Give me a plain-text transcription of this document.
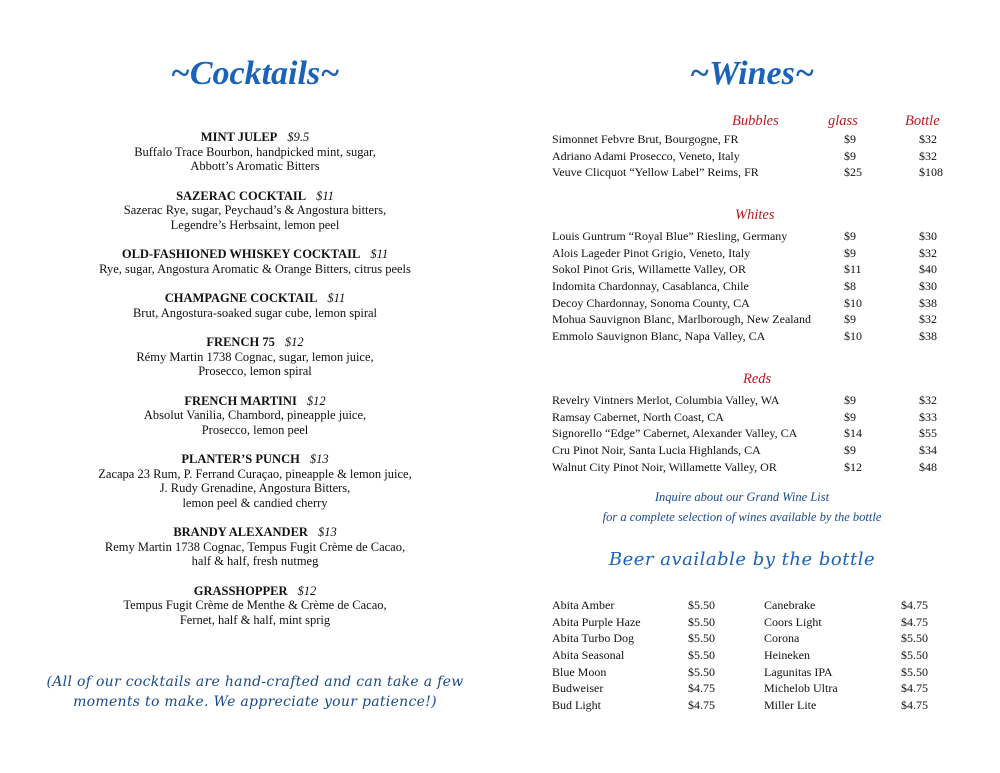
~Cocktails~
MINT JULEP $9.5
Buffalo Trace Bourbon, handpicked mint, sugar,
Abbott’s Aromatic Bitters
SAZERAC COCKTAIL $11
Sazerac Rye, sugar, Peychaud’s & Angostura bitters,
Legendre’s Herbsaint, lemon peel
OLD-FASHIONED WHISKEY COCKTAIL $11
Rye, sugar, Angostura Aromatic & Orange Bitters, citrus peels
CHAMPAGNE COCKTAIL $11
Brut, Angostura-soaked sugar cube, lemon spiral
FRENCH 75 $12
Rémy Martin 1738 Cognac, sugar, lemon juice,
Prosecco, lemon spiral
FRENCH MARTINI $12
Absolut Vanilia, Chambord, pineapple juice,
Prosecco, lemon peel
PLANTER’S PUNCH $13
Zacapa 23 Rum, P. Ferrand Curaçao, pineapple & lemon juice,
J. Rudy Grenadine, Angostura Bitters,
lemon peel & candied cherry
BRANDY ALEXANDER $13
Remy Martin 1738 Cognac, Tempus Fugit Crème de Cacao,
half & half, fresh nutmeg
GRASSHOPPER $12
Tempus Fugit Crème de Menthe & Crème de Cacao,
Fernet, half & half, mint sprig
(All of our cocktails are hand-crafted and can take a few moments to make. We appreciate your patience!)
~Wines~
Bubbles	glass	Bottle
Simonnet Febvre Brut, Bourgogne, FR	$9	$32
Adriano Adami Prosecco, Veneto, Italy	$9	$32
Veuve Clicquot “Yellow Label” Reims, FR	$25	$108
Whites
Louis Guntrum “Royal Blue” Riesling, Germany	$9	$30
Alois Lageder Pinot Grigio, Veneto, Italy	$9	$32
Sokol Pinot Gris, Willamette Valley, OR	$11	$40
Indomita Chardonnay, Casablanca, Chile	$8	$30
Decoy Chardonnay, Sonoma County, CA	$10	$38
Mohua Sauvignon Blanc, Marlborough, New Zealand	$9	$32
Emmolo Sauvignon Blanc, Napa Valley, CA	$10	$38
Reds
Revelry Vintners Merlot, Columbia Valley, WA	$9	$32
Ramsay Cabernet, North Coast, CA	$9	$33
Signorello “Edge” Cabernet, Alexander Valley, CA	$14	$55
Cru Pinot Noir, Santa Lucia Highlands, CA	$9	$34
Walnut City Pinot Noir, Willamette Valley, OR	$12	$48
Inquire about our Grand Wine List
for a complete selection of wines available by the bottle
Beer available by the bottle
Abita Amber	$5.50	Canebrake	$4.75
Abita Purple Haze	$5.50	Coors Light	$4.75
Abita Turbo Dog	$5.50	Corona	$5.50
Abita Seasonal	$5.50	Heineken	$5.50
Blue Moon	$5.50	Lagunitas IPA	$5.50
Budweiser	$4.75	Michelob Ultra	$4.75
Bud Light	$4.75	Miller Lite	$4.75
